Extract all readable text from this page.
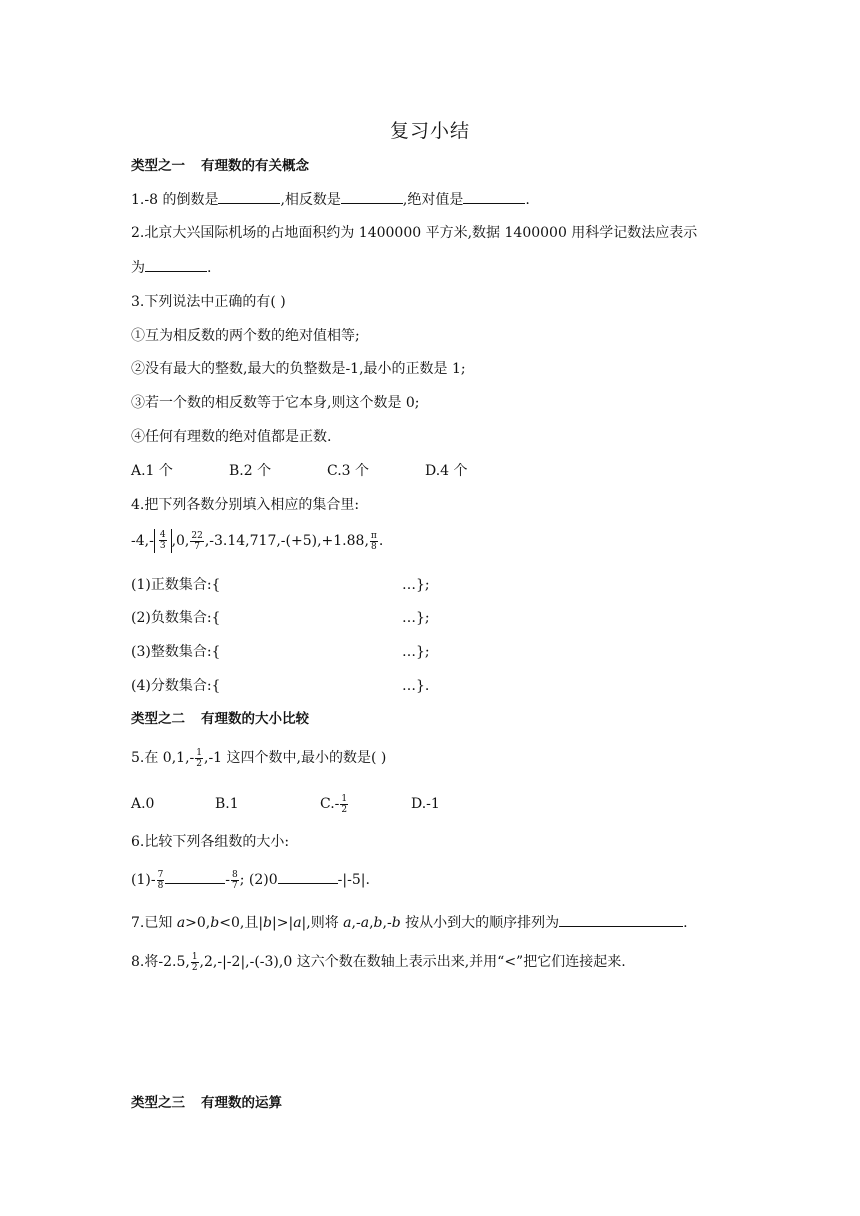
复习小结
类型之一 有理数的有关概念
1.-8 的倒数是	,相反数是	,绝对值是	.
2.北京大兴国际机场的占地面积约为 1400000 平方米,数据 1400000 用科学记数法应表示
为	.
3.下列说法中正确的有( )
①互为相反数的两个数的绝对值相等;
②没有最大的整数,最大的负整数是-1,最小的正数是 1;
③若一个数的相反数等于它本身,则这个数是 0;
④任何有理数的绝对值都是正数.
A.1 个	B.2 个	C.3 个	D.4 个
4.把下列各数分别填入相应的集合里:
$-4,- \frac{4}{3} ,0$, $\frac{22}{7} ,-3.14,717,-(+5),+1.88$, $\frac{\pi}{8}$ .
(1)正数集合:{	…};
(2)负数集合:{	…};
(3)整数集合:{	…};
(4)分数集合:{	…}.
类型之二 有理数的大小比较
5.在 $0,1,- \frac{1}{2} ,-1$ 这四个数中,最小的数是( )
A.0	B.1	$C.- \frac{1}{2}$	D.-1
6.比较下列各组数的大小:
$(1)- \frac{7}{8}$	- $\frac{8}{7}$ ; (2)0	-|-5|.
7.已知 a>0,b<0,且|b|>|a|,则将 a,-a,b,-b 按从小到大的顺序排列为	.
8.将-2.5, $\frac{1}{2} ,2,-|-2|,-(-3),0$ 这六个数在数轴上表示出来,并用“<”把它们连接起来.
类型之三 有理数的运算
